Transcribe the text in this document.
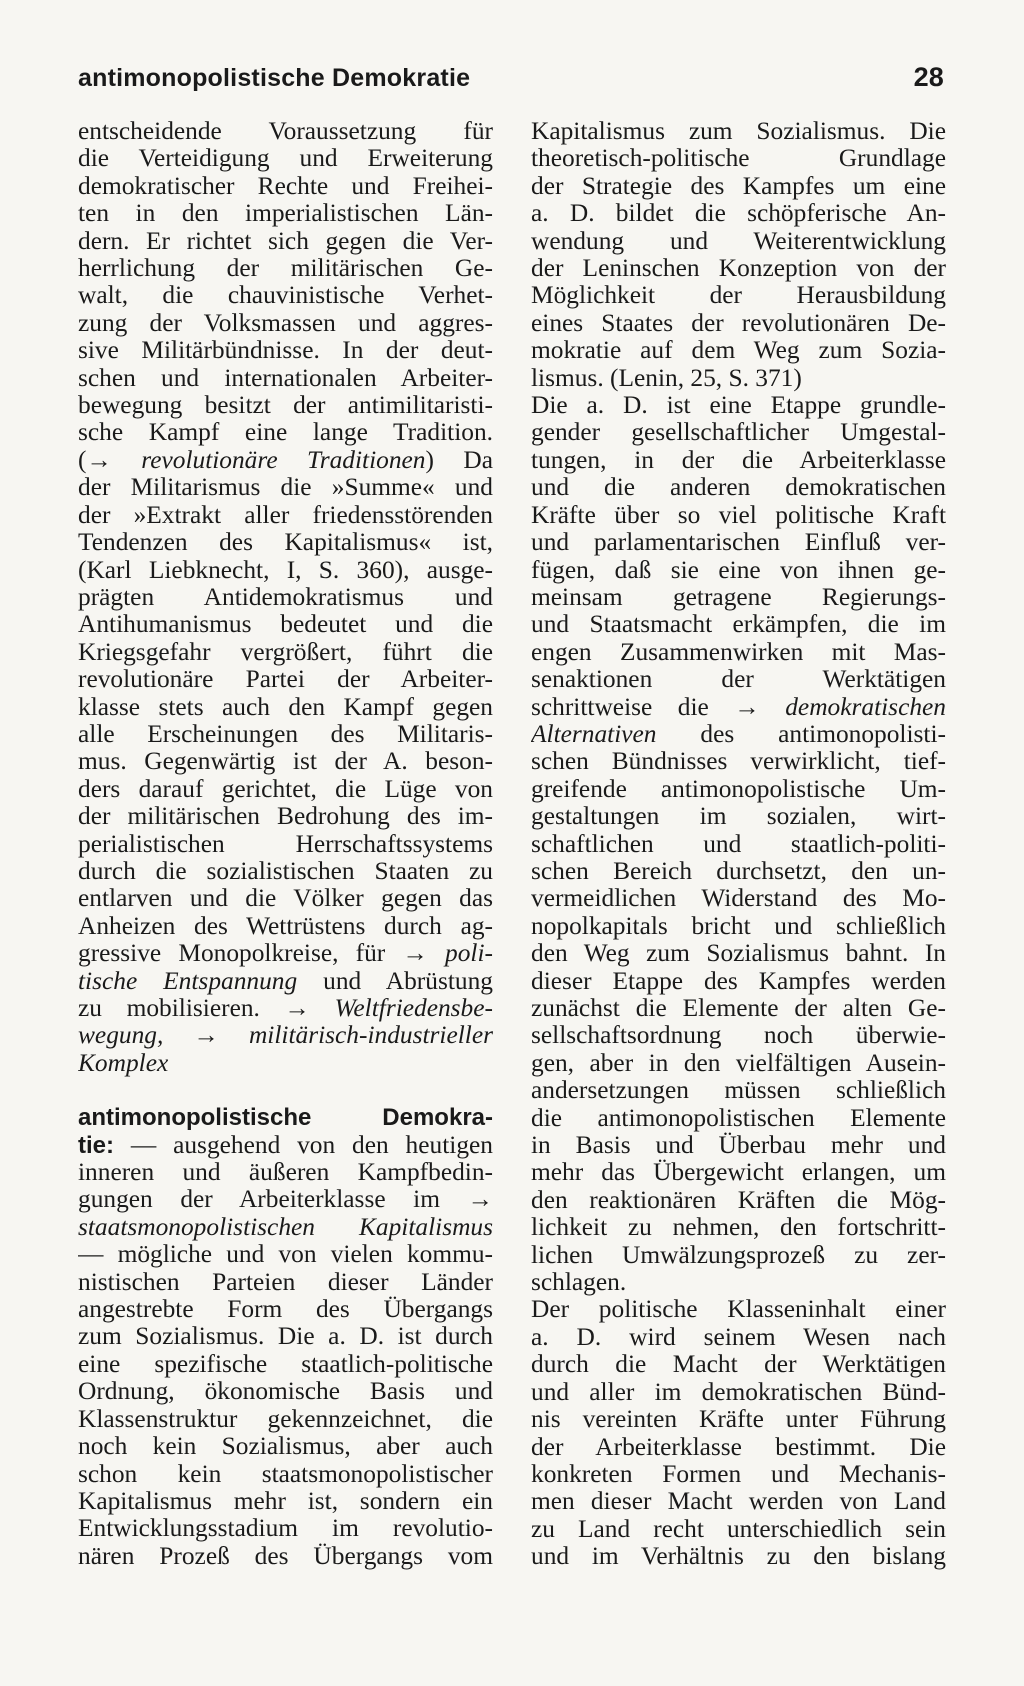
antimonopolistische Demokratie	28
entscheidende Voraussetzung für
die Verteidigung und Erweiterung
demokratischer Rechte und Freihei-
ten in den imperialistischen Län-
dern. Er richtet sich gegen die Ver-
herrlichung der militärischen Ge-
walt, die chauvinistische Verhet-
zung der Volksmassen und aggres-
sive Militärbündnisse. In der deut-
schen und internationalen Arbeiter-
bewegung besitzt der antimilitaristi-
sche Kampf eine lange Tradition.
(→ revolutionäre Traditionen) Da
der Militarismus die »Summe« und
der »Extrakt aller friedensstörenden
Tendenzen des Kapitalismus« ist,
(Karl Liebknecht, I, S. 360), ausge-
prägten Antidemokratismus und
Antihumanismus bedeutet und die
Kriegsgefahr vergrößert, führt die
revolutionäre Partei der Arbeiter-
klasse stets auch den Kampf gegen
alle Erscheinungen des Militaris-
mus. Gegenwärtig ist der A. beson-
ders darauf gerichtet, die Lüge von
der militärischen Bedrohung des im-
perialistischen Herrschaftssystems
durch die sozialistischen Staaten zu
entlarven und die Völker gegen das
Anheizen des Wettrüstens durch ag-
gressive Monopolkreise, für → poli-
tische Entspannung und Abrüstung
zu mobilisieren. → Weltfriedensbe-
wegung, → militärisch-industrieller
Komplex
antimonopolistische Demokra-
tie: — ausgehend von den heutigen
inneren und äußeren Kampfbedin-
gungen der Arbeiterklasse im →
staatsmonopolistischen Kapitalismus
— mögliche und von vielen kommu-
nistischen Parteien dieser Länder
angestrebte Form des Übergangs
zum Sozialismus. Die a. D. ist durch
eine spezifische staatlich-politische
Ordnung, ökonomische Basis und
Klassenstruktur gekennzeichnet, die
noch kein Sozialismus, aber auch
schon kein staatsmonopolistischer
Kapitalismus mehr ist, sondern ein
Entwicklungsstadium im revolutio-
nären Prozeß des Übergangs vom
Kapitalismus zum Sozialismus. Die
theoretisch-politische Grundlage
der Strategie des Kampfes um eine
a. D. bildet die schöpferische An-
wendung und Weiterentwicklung
der Leninschen Konzeption von der
Möglichkeit der Herausbildung
eines Staates der revolutionären De-
mokratie auf dem Weg zum Sozia-
lismus. (Lenin, 25, S. 371)
Die a. D. ist eine Etappe grundle-
gender gesellschaftlicher Umgestal-
tungen, in der die Arbeiterklasse
und die anderen demokratischen
Kräfte über so viel politische Kraft
und parlamentarischen Einfluß ver-
fügen, daß sie eine von ihnen ge-
meinsam getragene Regierungs-
und Staatsmacht erkämpfen, die im
engen Zusammenwirken mit Mas-
senaktionen der Werktätigen
schrittweise die → demokratischen
Alternativen des antimonopolisti-
schen Bündnisses verwirklicht, tief-
greifende antimonopolistische Um-
gestaltungen im sozialen, wirt-
schaftlichen und staatlich-politi-
schen Bereich durchsetzt, den un-
vermeidlichen Widerstand des Mo-
nopolkapitals bricht und schließlich
den Weg zum Sozialismus bahnt. In
dieser Etappe des Kampfes werden
zunächst die Elemente der alten Ge-
sellschaftsordnung noch überwie-
gen, aber in den vielfältigen Ausein-
andersetzungen müssen schließlich
die antimonopolistischen Elemente
in Basis und Überbau mehr und
mehr das Übergewicht erlangen, um
den reaktionären Kräften die Mög-
lichkeit zu nehmen, den fortschritt-
lichen Umwälzungsprozeß zu zer-
schlagen.
Der politische Klasseninhalt einer
a. D. wird seinem Wesen nach
durch die Macht der Werktätigen
und aller im demokratischen Bünd-
nis vereinten Kräfte unter Führung
der Arbeiterklasse bestimmt. Die
konkreten Formen und Mechanis-
men dieser Macht werden von Land
zu Land recht unterschiedlich sein
und im Verhältnis zu den bislang
